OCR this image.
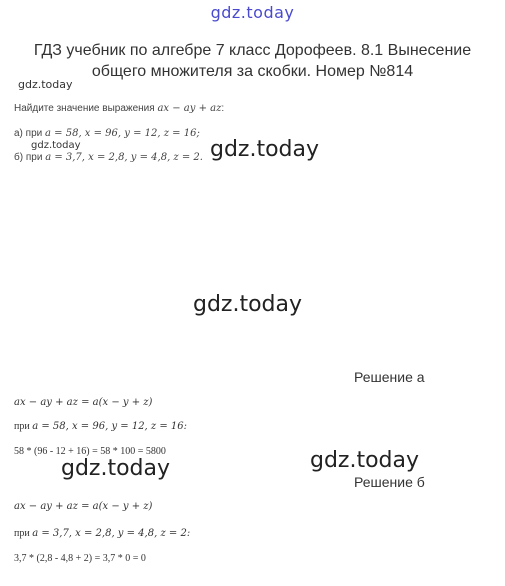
gdz.today
ГДЗ учебник по алгебре 7 класс Дорофеев. 8.1 Вынесение
общего множителя за скобки. Номер №814
gdz.today
Найдите значение выражения ax − ay + az:
а) при a = 58, x = 96, y = 12, z = 16;
gdz.today
б) при a = 3,7, x = 2,8, y = 4,8, z = 2. gdz.today
gdz.today
Решение а
ax − ay + az = a(x − y + z)
при a = 58, x = 96, y = 12, z = 16:
58 * (96 - 12 + 16) = 58 * 100 = 5800
gdz.today	gdz.today
Решение б
ax − ay + az = a(x − y + z)
при a = 3,7, x = 2,8, y = 4,8, z = 2:
3,7 * (2,8 - 4,8 + 2) = 3,7 * 0 = 0
